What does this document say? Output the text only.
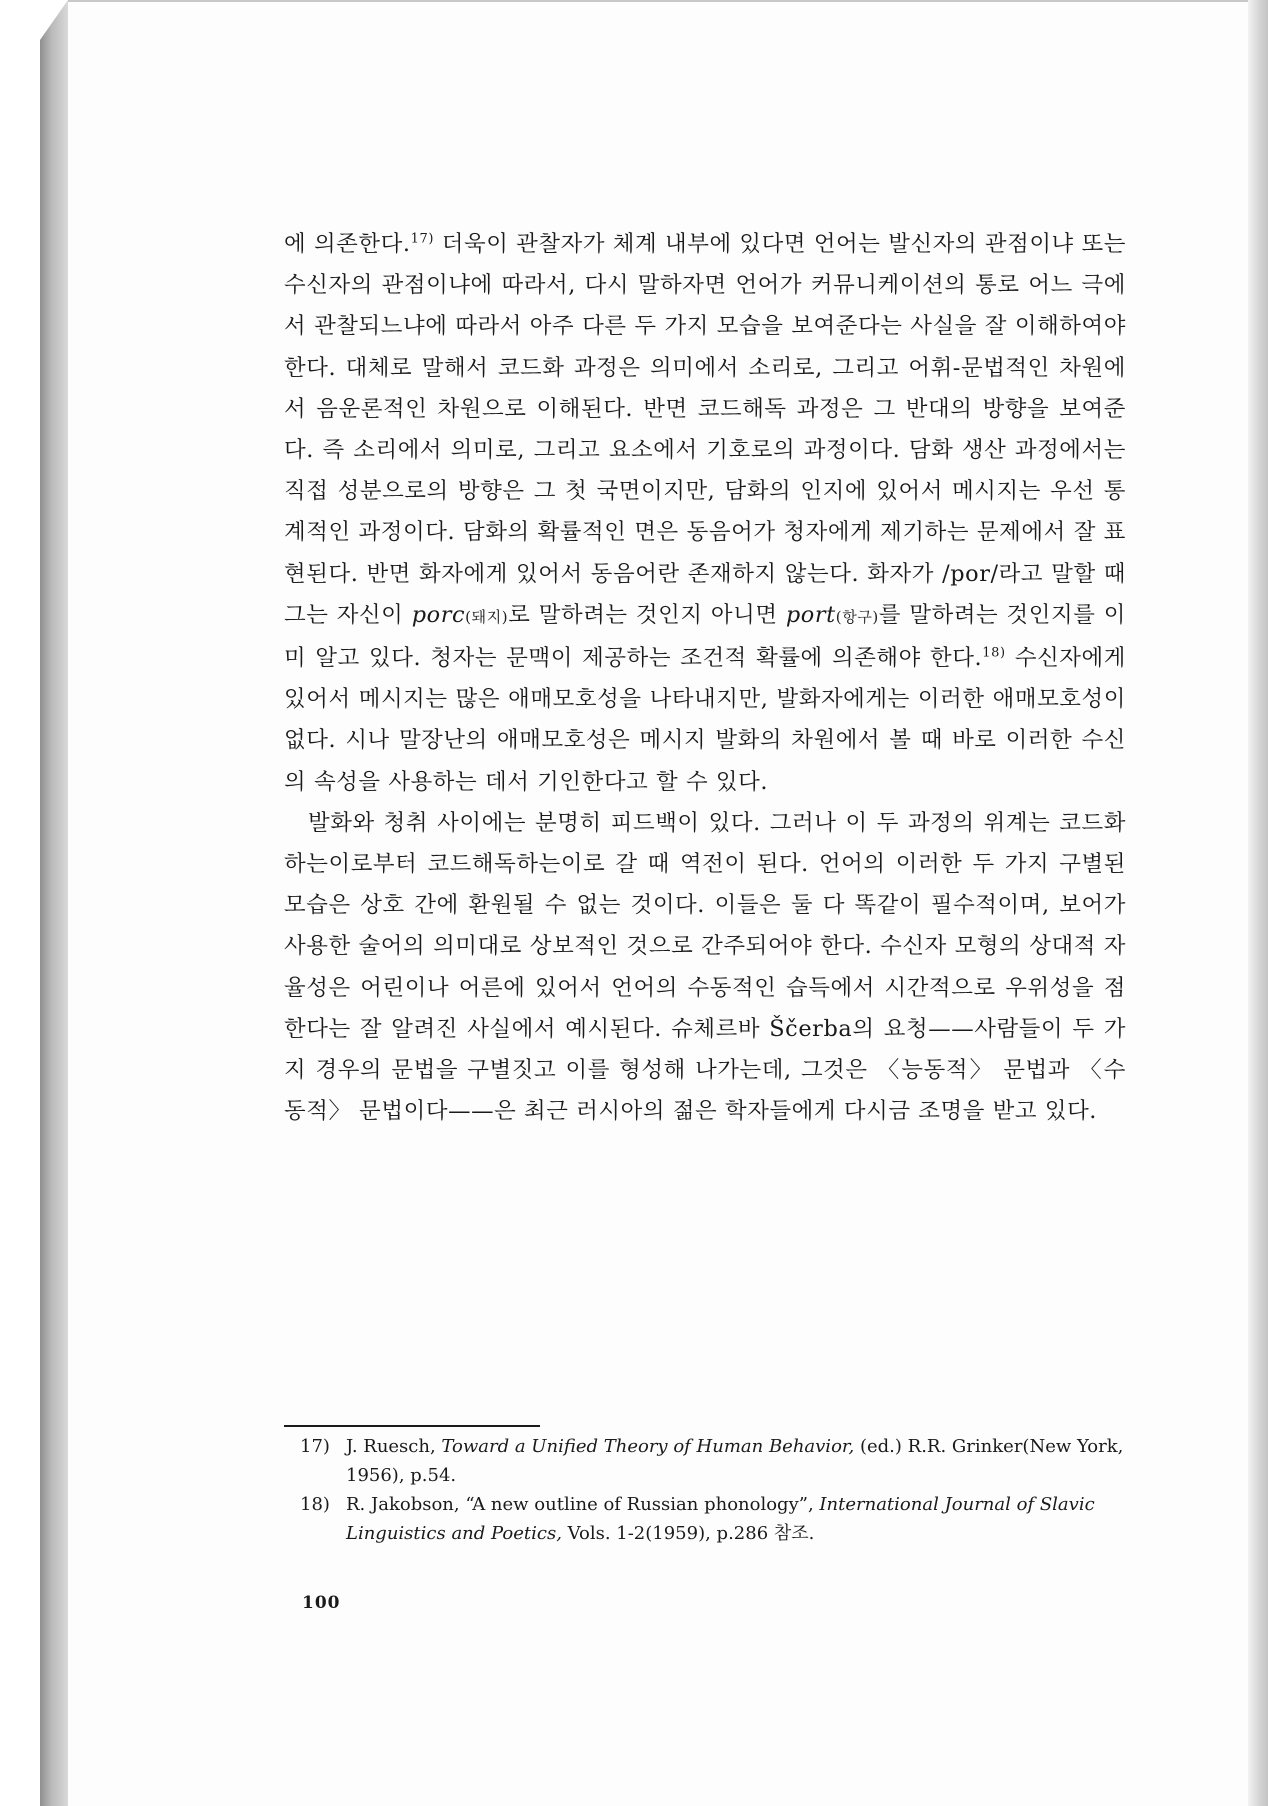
에 의존한다.$^{17)}$ 더욱이 관찰자가 체계 내부에 있다면 언어는 발신자의 관점이냐 또는 수신자의 관점이냐에 따라서, 다시 말하자면 언어가 커뮤니케이션의 통로 어느 극에서 관찰되느냐에 따라서 아주 다른 두 가지 모습을 보여준다는 사실을 잘 이해하여야 한다. 대체로 말해서 코드화 과정은 의미에서 소리로, 그리고 어휘-문법적인 차원에서 음운론적인 차원으로 이해된다. 반면 코드해독 과정은 그 반대의 방향을 보여준다. 즉 소리에서 의미로, 그리고 요소에서 기호로의 과정이다. 담화 생산 과정에서는 직접 성분으로의 방향은 그 첫 국면이지만, 담화의 인지에 있어서 메시지는 우선 통계적인 과정이다. 담화의 확률적인 면은 동음어가 청자에게 제기하는 문제에서 잘 표현된다. 반면 화자에게 있어서 동음어란 존재하지 않는다. 화자가 /por/라고 말할 때 그는 자신이 porc(돼지)로 말하려는 것인지 아니면 port(항구)를 말하려는 것인지를 이미 알고 있다. 청자는 문맥이 제공하는 조건적 확률에 의존해야 한다.$^{18)}$ 수신자에게 있어서 메시지는 많은 애매모호성을 나타내지만, 발화자에게는 이러한 애매모호성이 없다. 시나 말장난의 애매모호성은 메시지 발화의 차원에서 볼 때 바로 이러한 수신의 속성을 사용하는 데서 기인한다고 할 수 있다.

발화와 청취 사이에는 분명히 피드백이 있다. 그러나 이 두 과정의 위계는 코드화하는이로부터 코드해독하는이로 갈 때 역전이 된다. 언어의 이러한 두 가지 구별된 모습은 상호 간에 환원될 수 없는 것이다. 이들은 둘 다 똑같이 필수적이며, 보어가 사용한 술어의 의미대로 상보적인 것으로 간주되어야 한다. 수신자 모형의 상대적 자율성은 어린이나 어른에 있어서 언어의 수동적인 습득에서 시간적으로 우위성을 점한다는 잘 알려진 사실에서 예시된다. 슈체르바 Ščerba의 요청——사람들이 두 가지 경우의 문법을 구별짓고 이를 형성해 나가는데, 그것은 〈능동적〉 문법과 〈수동적〉 문법이다——은 최근 러시아의 젊은 학자들에게 다시금 조명을 받고 있다.

17) J. Ruesch, Toward a Unified Theory of Human Behavior, (ed.) R.R. Grinker(New York, 1956), p.54.
18) R. Jakobson, “A new outline of Russian phonology”, International Journal of Slavic Linguistics and Poetics, Vols. 1-2(1959), p.286 참조.
100
